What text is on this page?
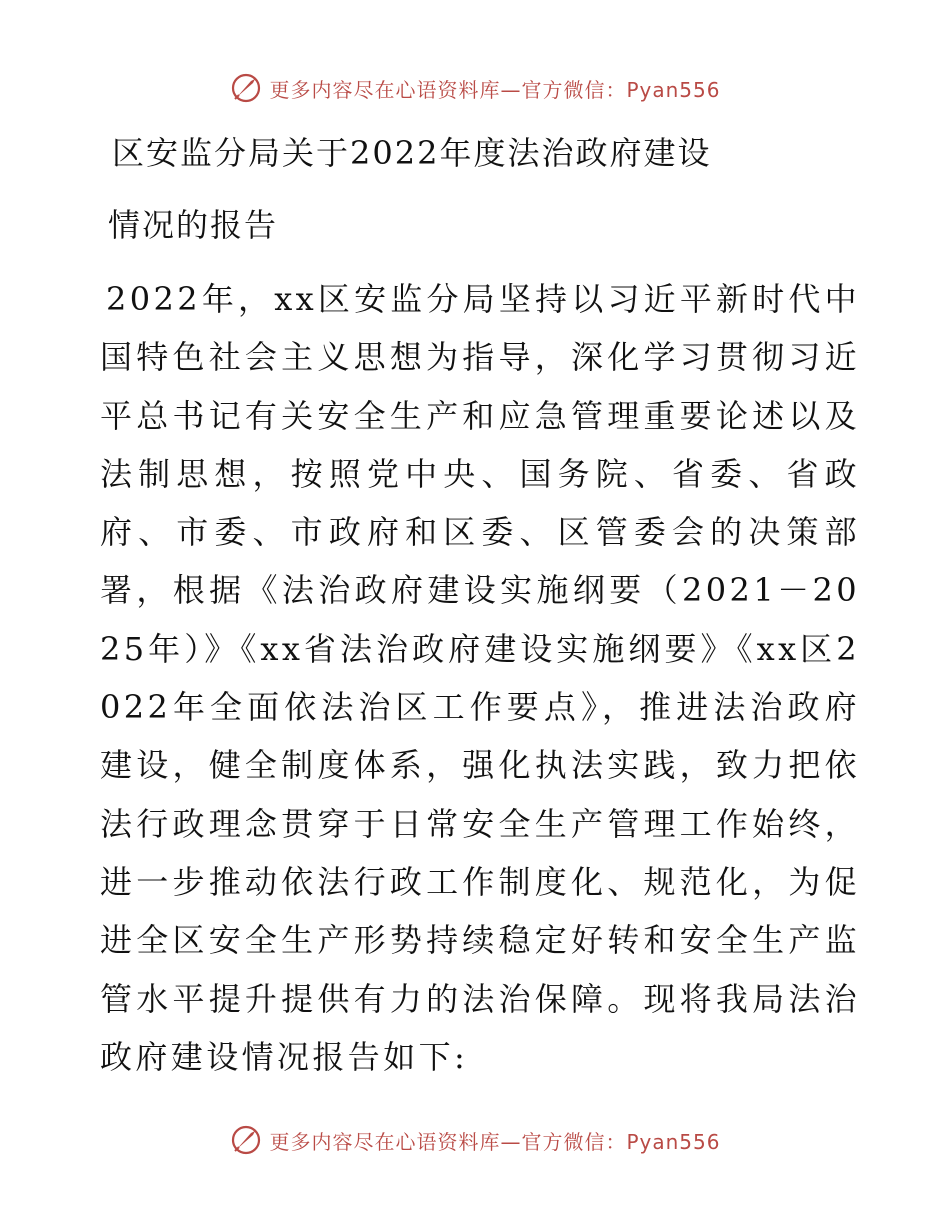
更多内容尽在心语资料库—官方微信：Pyan556
区安监分局关于2022年度法治政府建设
情况的报告
2022年，xx区安监分局坚持以习近平新时代中国特色社会主义思想为指导，深化学习贯彻习近平总书记有关安全生产和应急管理重要论述以及法制思想，按照党中央、国务院、省委、省政府、市委、市政府和区委、区管委会的决策部署，根据《法治政府建设实施纲要（2021－2025年）》《xx省法治政府建设实施纲要》《xx区2022年全面依法治区工作要点》，推进法治政府建设，健全制度体系，强化执法实践，致力把依法行政理念贯穿于日常安全生产管理工作始终，进一步推动依法行政工作制度化、规范化，为促进全区安全生产形势持续稳定好转和安全生产监管水平提升提供有力的法治保障。现将我局法治政府建设情况报告如下:
更多内容尽在心语资料库—官方微信：Pyan556
